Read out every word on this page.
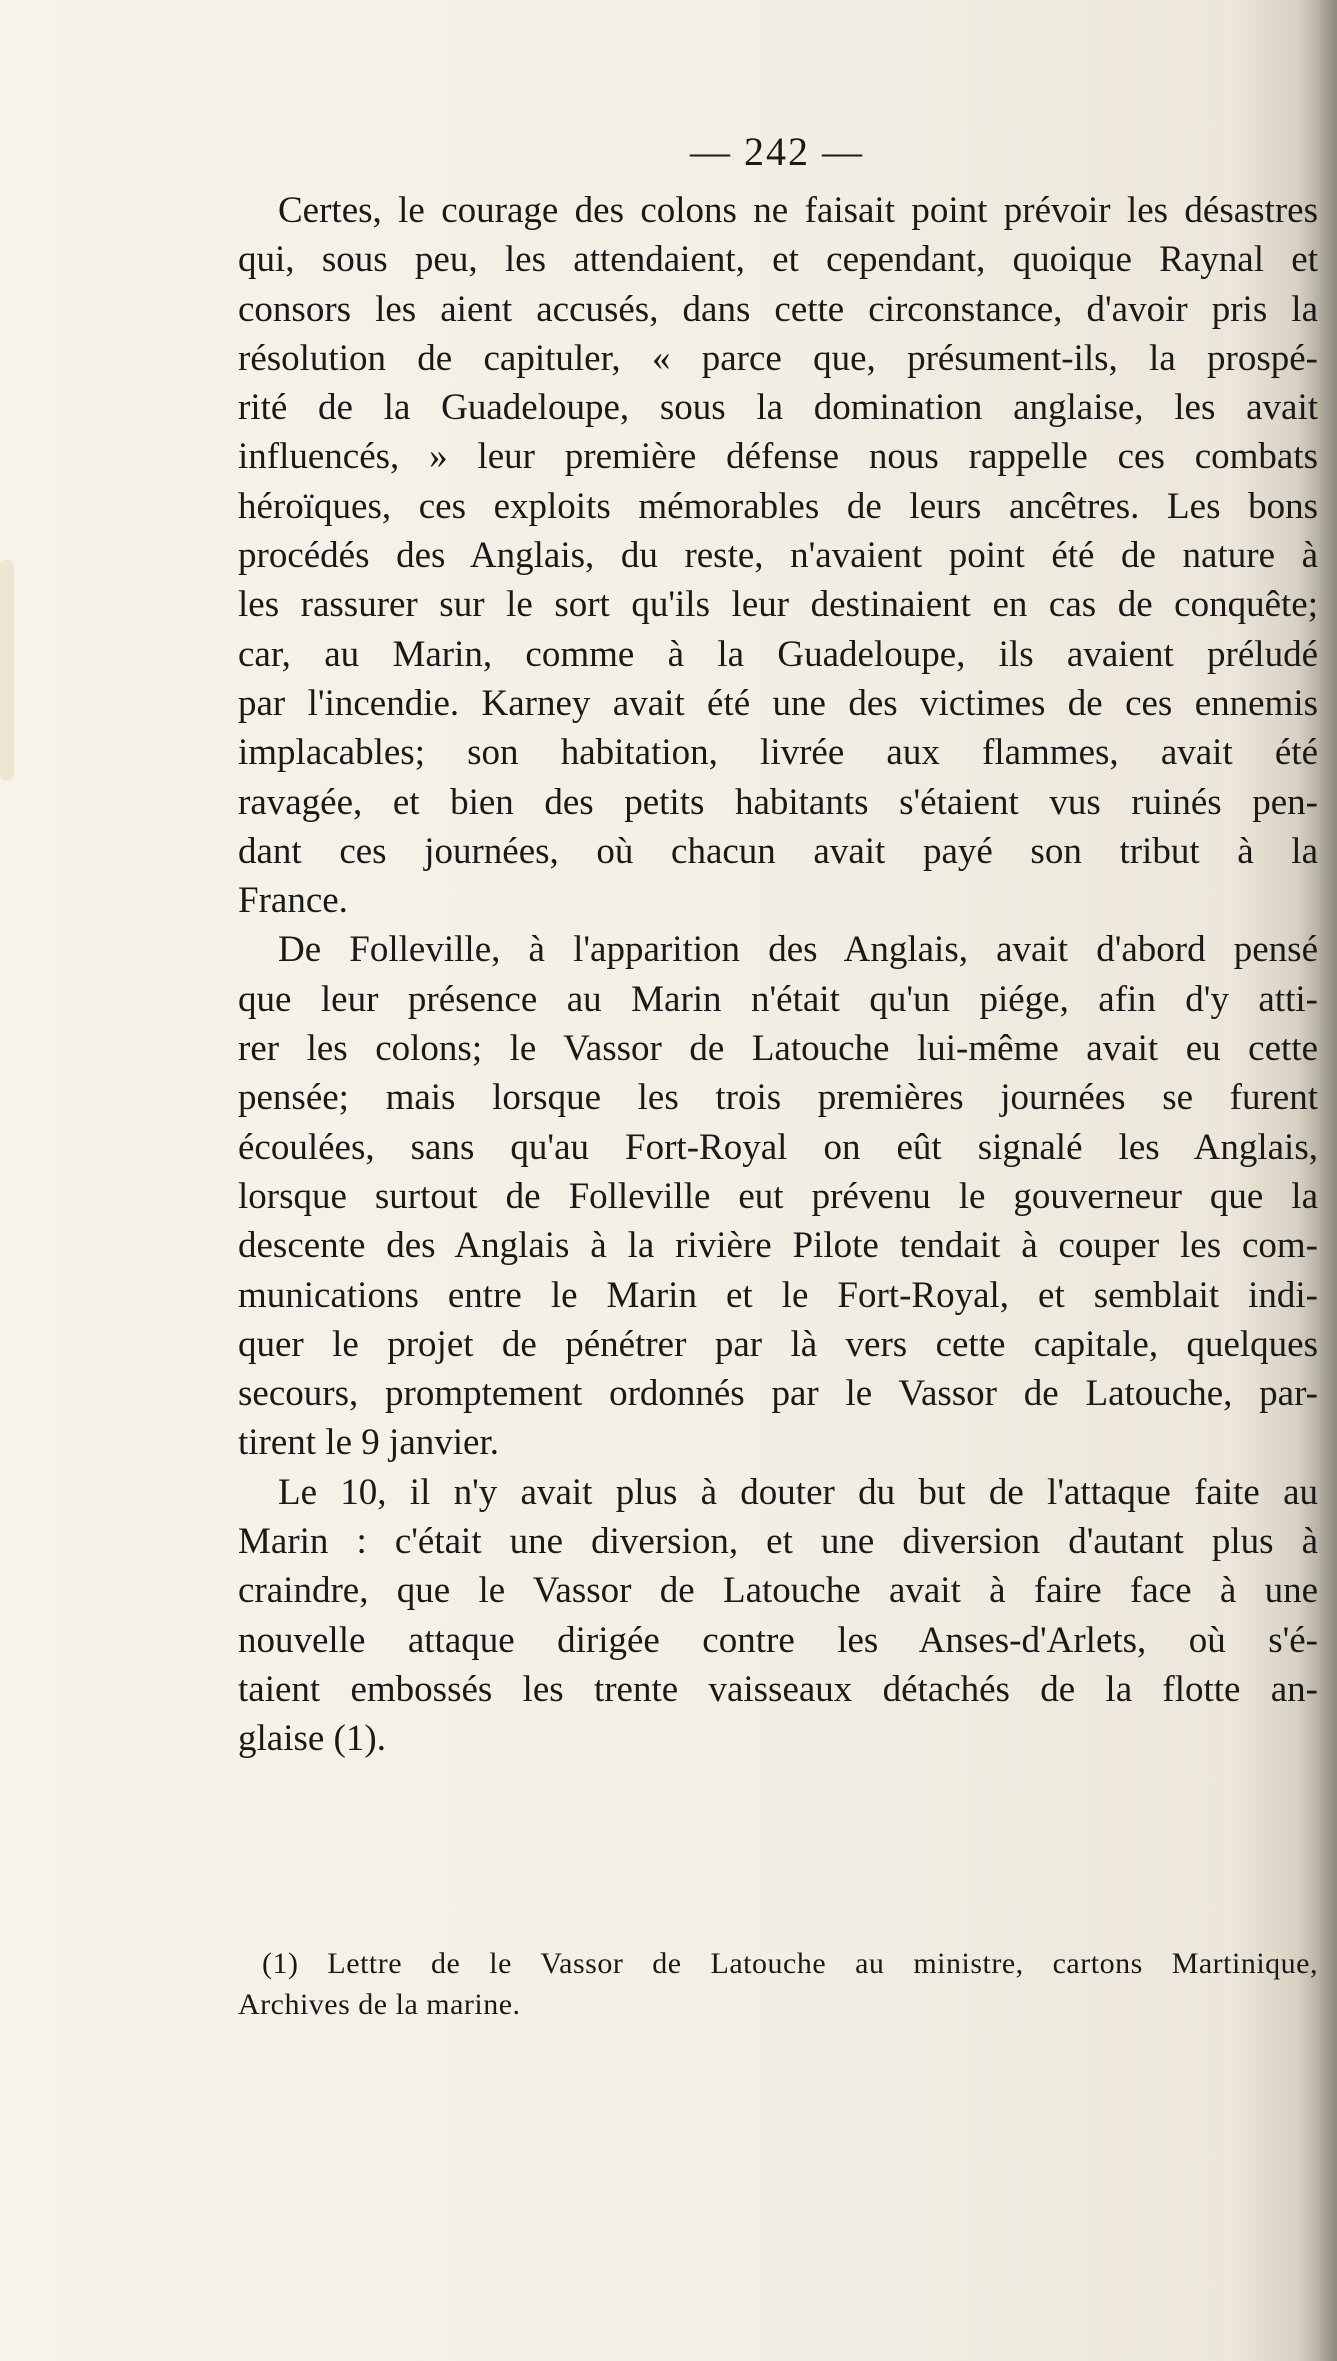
— 242 —
Certes, le courage des colons ne faisait point prévoir les désastres
qui, sous peu, les attendaient, et cependant, quoique Raynal et
consors les aient accusés, dans cette circonstance, d'avoir pris la
résolution de capituler, « parce que, présument-ils, la prospé-
rité de la Guadeloupe, sous la domination anglaise, les avait
influencés, » leur première défense nous rappelle ces combats
héroïques, ces exploits mémorables de leurs ancêtres. Les bons
procédés des Anglais, du reste, n'avaient point été de nature à
les rassurer sur le sort qu'ils leur destinaient en cas de conquête;
car, au Marin, comme à la Guadeloupe, ils avaient préludé
par l'incendie. Karney avait été une des victimes de ces ennemis
implacables; son habitation, livrée aux flammes, avait été
ravagée, et bien des petits habitants s'étaient vus ruinés pen-
dant ces journées, où chacun avait payé son tribut à la
France.
De Folleville, à l'apparition des Anglais, avait d'abord pensé
que leur présence au Marin n'était qu'un piége, afin d'y atti-
rer les colons; le Vassor de Latouche lui-même avait eu cette
pensée; mais lorsque les trois premières journées se furent
écoulées, sans qu'au Fort-Royal on eût signalé les Anglais,
lorsque surtout de Folleville eut prévenu le gouverneur que la
descente des Anglais à la rivière Pilote tendait à couper les com-
munications entre le Marin et le Fort-Royal, et semblait indi-
quer le projet de pénétrer par là vers cette capitale, quelques
secours, promptement ordonnés par le Vassor de Latouche, par-
tirent le 9 janvier.
Le 10, il n'y avait plus à douter du but de l'attaque faite au
Marin : c'était une diversion, et une diversion d'autant plus à
craindre, que le Vassor de Latouche avait à faire face à une
nouvelle attaque dirigée contre les Anses-d'Arlets, où s'é-
taient embossés les trente vaisseaux détachés de la flotte an-
glaise (1).
(1) Lettre de le Vassor de Latouche au ministre, cartons Martinique,
Archives de la marine.
